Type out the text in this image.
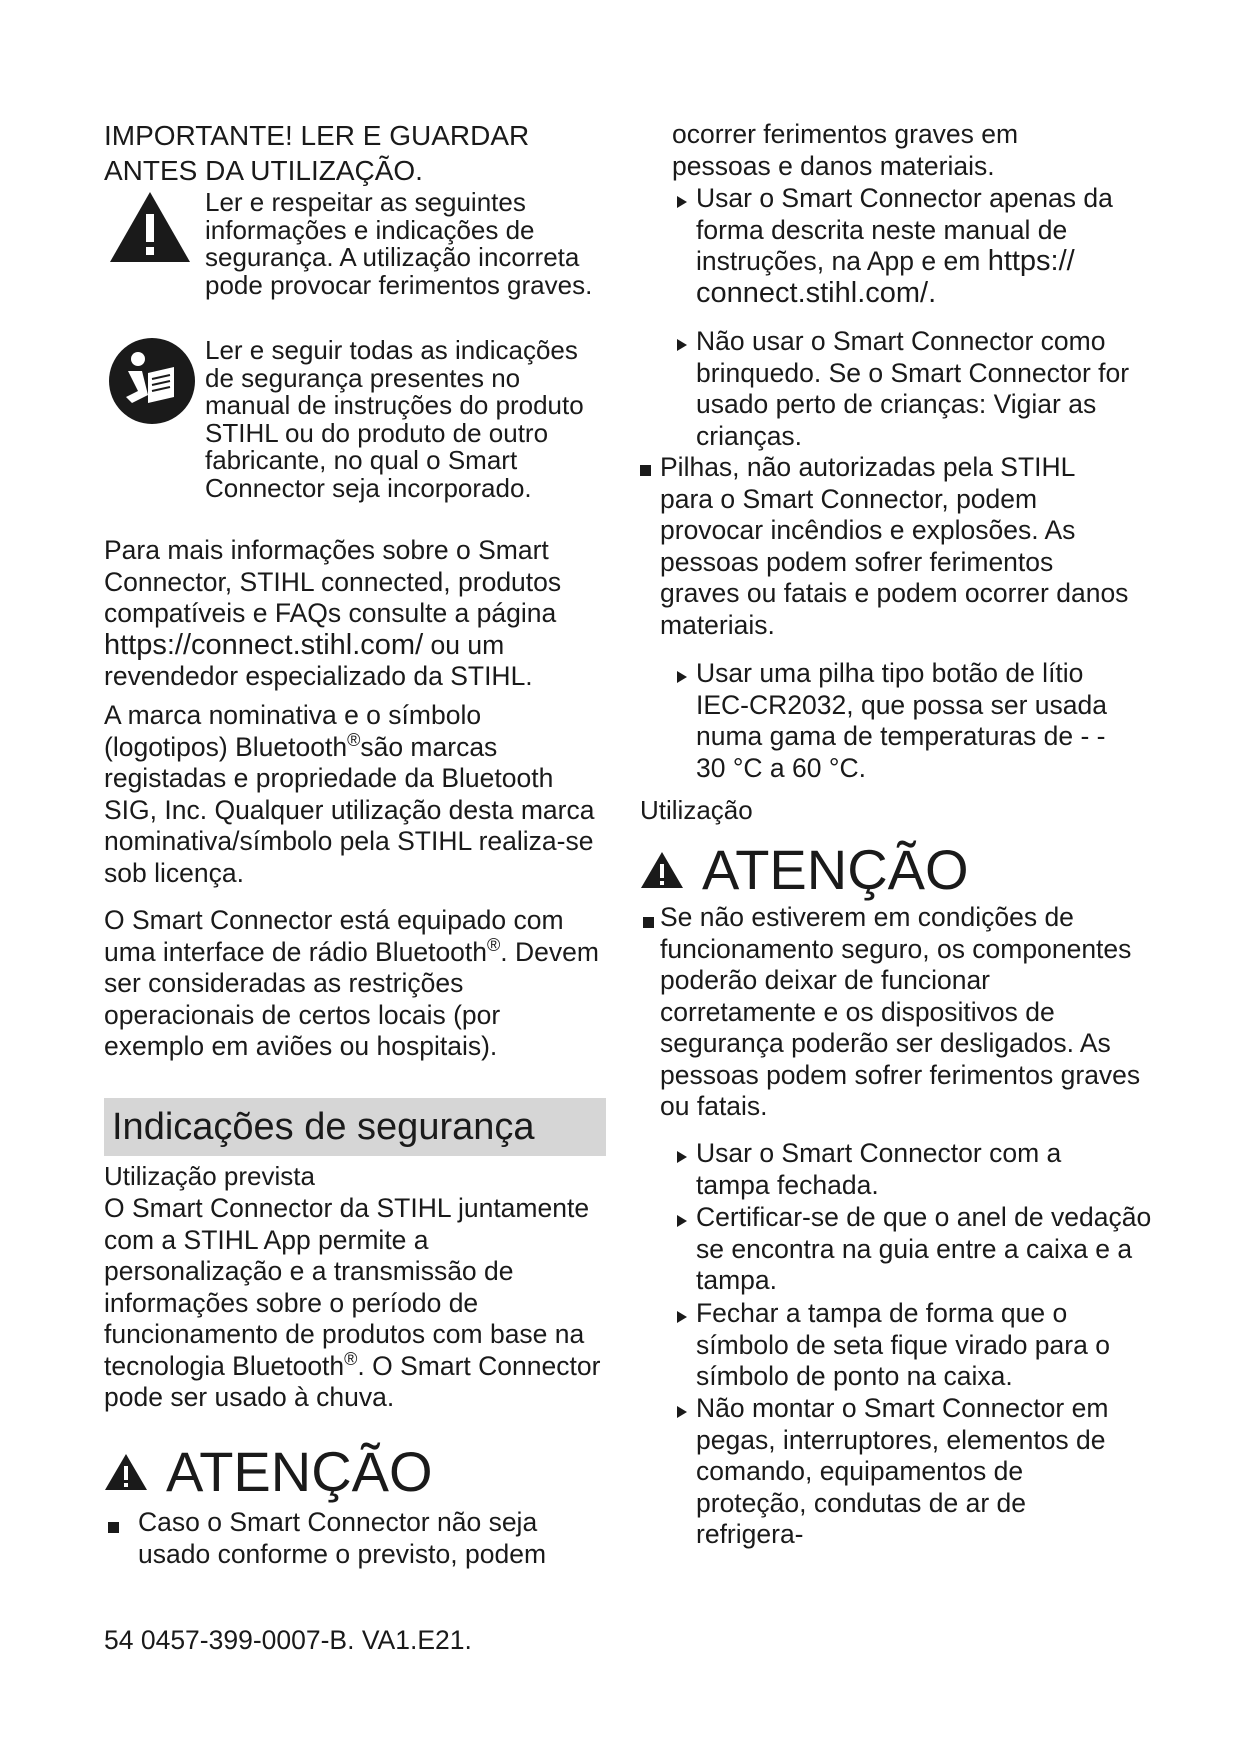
IMPORTANTE! LER E GUARDAR ANTES DA UTILIZAÇÃO.

Ler e respeitar as seguintes informações e indicações de segurança. A utilização incorreta pode provocar ferimentos graves.

Ler e seguir todas as indicações de segurança presentes no manual de instruções do produto STIHL ou do produto de outro fabricante, no qual o Smart Connector seja incorporado.

Para mais informações sobre o Smart Connector, STIHL connected, produtos compatíveis e FAQs consulte a página https://connect.stihl.com/ ou um revendedor especializado da STIHL.

A marca nominativa e o símbolo (logotipos) Bluetooth®são marcas registadas e propriedade da Bluetooth SIG, Inc. Qualquer utilização desta marca nominativa/símbolo pela STIHL realiza-se sob licença.

O Smart Connector está equipado com uma interface de rádio Bluetooth®. Devem ser consideradas as restrições operacionais de certos locais (por exemplo em aviões ou hospitais).

Indicações de segurança

Utilização prevista

O Smart Connector da STIHL juntamente com a STIHL App permite a personalização e a transmissão de informações sobre o período de funcionamento de produtos com base na tecnologia Bluetooth®. O Smart Connector pode ser usado à chuva.

ATENÇÃO

Caso o Smart Connector não seja usado conforme o previsto, podem

54 0457-399-0007-B. VA1.E21.

ocorrer ferimentos graves em pessoas e danos materiais.

Usar o Smart Connector apenas da forma descrita neste manual de instruções, na App e em https:// connect.stihl.com/.

Não usar o Smart Connector como brinquedo. Se o Smart Connector for usado perto de crianças: Vigiar as crianças.

Pilhas, não autorizadas pela STIHL para o Smart Connector, podem provocar incêndios e explosões. As pessoas podem sofrer ferimentos graves ou fatais e podem ocorrer danos materiais.

Usar uma pilha tipo botão de lítio IEC-CR2032, que possa ser usada numa gama de temperaturas de - - 30 °C a 60 °C.

Utilização

ATENÇÃO

Se não estiverem em condições de funcionamento seguro, os componentes poderão deixar de funcionar corretamente e os dispositivos de segurança poderão ser desligados. As pessoas podem sofrer ferimentos graves ou fatais.

Usar o Smart Connector com a tampa fechada.

Certificar-se de que o anel de vedação se encontra na guia entre a caixa e a tampa.

Fechar a tampa de forma que o símbolo de seta fique virado para o símbolo de ponto na caixa.

Não montar o Smart Connector em pegas, interruptores, elementos de comando, equipamentos de proteção, condutas de ar de refrigera-
